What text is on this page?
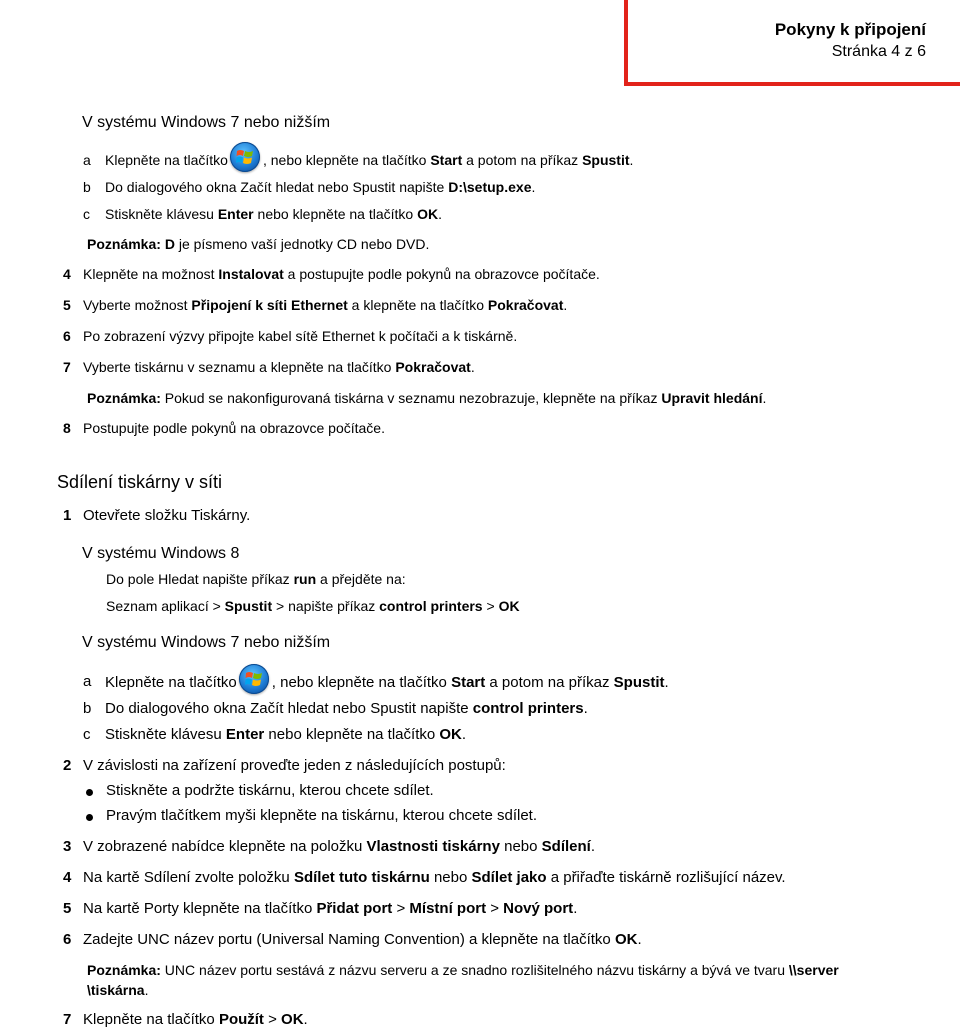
Pokyny k připojení
Stránka 4 z 6
V systému Windows 7 nebo nižším
a Klepněte na tlačítko	, nebo klepněte na tlačítko Start a potom na příkaz Spustit.
b Do dialogového okna Začít hledat nebo Spustit napište D:\setup.exe.
c Stiskněte klávesu Enter nebo klepněte na tlačítko OK.
Poznámka: D je písmeno vaší jednotky CD nebo DVD.
4 Klepněte na možnost Instalovat a postupujte podle pokynů na obrazovce počítače.
5 Vyberte možnost Připojení k síti Ethernet a klepněte na tlačítko Pokračovat.
6 Po zobrazení výzvy připojte kabel sítě Ethernet k počítači a k tiskárně.
7 Vyberte tiskárnu v seznamu a klepněte na tlačítko Pokračovat.
Poznámka: Pokud se nakonfigurovaná tiskárna v seznamu nezobrazuje, klepněte na příkaz Upravit hledání.
8 Postupujte podle pokynů na obrazovce počítače.
Sdílení tiskárny v síti
1 Otevřete složku Tiskárny.
V systému Windows 8
Do pole Hledat napište příkaz run a přejděte na:
Seznam aplikací > Spustit > napište příkaz control printers > OK
V systému Windows 7 nebo nižším
a Klepněte na tlačítko , nebo klepněte na tlačítko Start a potom na příkaz Spustit.
b Do dialogového okna Začít hledat nebo Spustit napište control printers.
c Stiskněte klávesu Enter nebo klepněte na tlačítko OK.
2 V závislosti na zařízení proveďte jeden z následujících postupů:
Stiskněte a podržte tiskárnu, kterou chcete sdílet.
Pravým tlačítkem myši klepněte na tiskárnu, kterou chcete sdílet.
3 V zobrazené nabídce klepněte na položku Vlastnosti tiskárny nebo Sdílení.
4 Na kartě Sdílení zvolte položku Sdílet tuto tiskárnu nebo Sdílet jako a přiřaďte tiskárně rozlišující název.
5 Na kartě Porty klepněte na tlačítko Přidat port > Místní port > Nový port.
6 Zadejte UNC název portu (Universal Naming Convention) a klepněte na tlačítko OK.
Poznámka: UNC název portu sestává z názvu serveru a ze snadno rozlišitelného názvu tiskárny a bývá ve tvaru \\server
\tiskárna.
7 Klepněte na tlačítko Použít > OK.
